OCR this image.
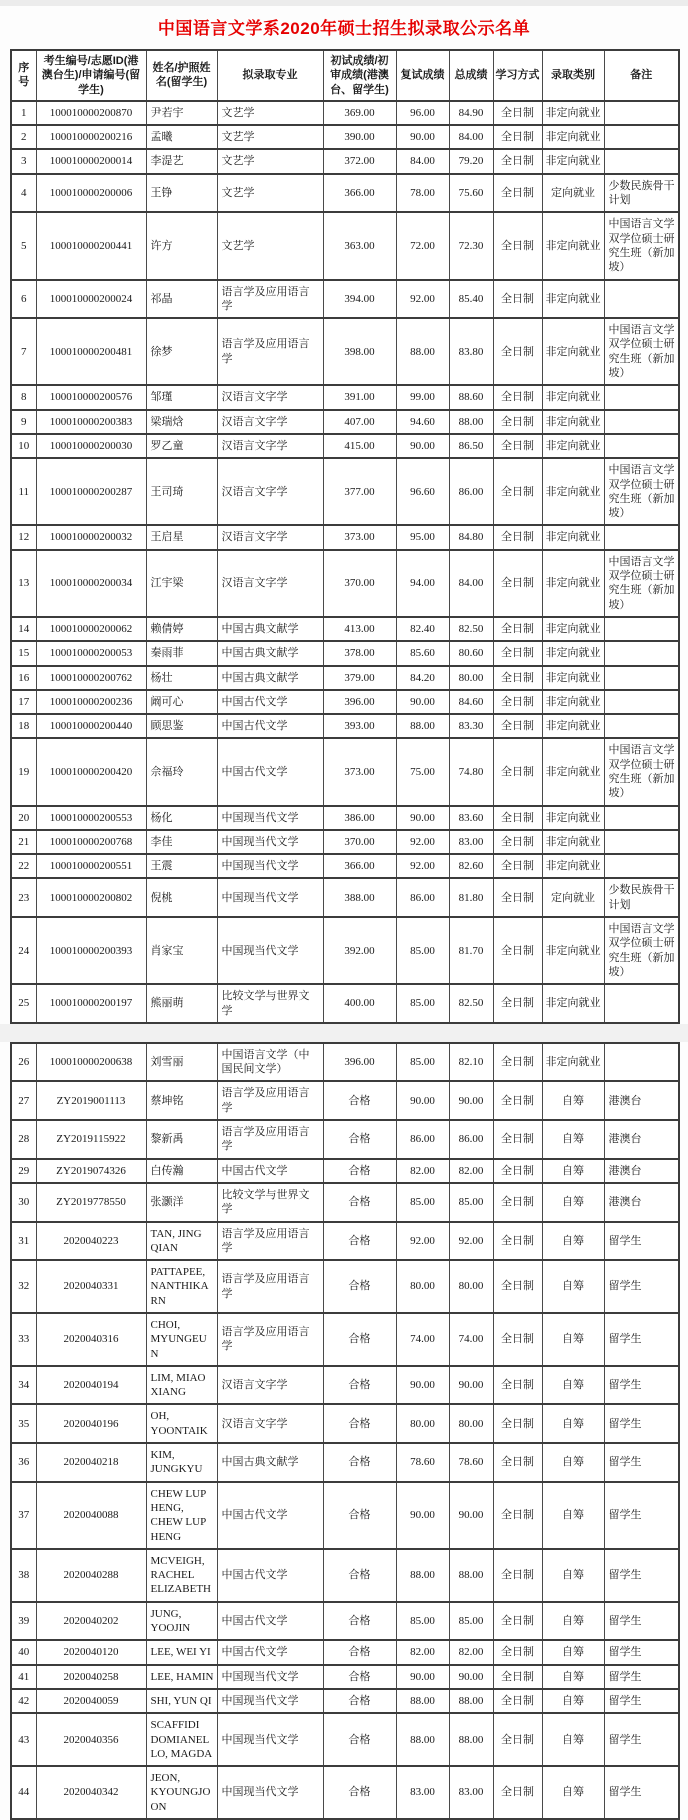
中国语言文学系2020年硕士招生拟录取公示名单
序号	考生编号/志愿ID(港澳台生)/申请编号(留学生)	姓名/护照姓名(留学生)	拟录取专业	初试成绩/初审成绩(港澳台、留学生)	复试成绩	总成绩	学习方式	录取类别	备注
1	100010000200870	尹若宇	文艺学	369.00	96.00	84.90	全日制	非定向就业	
2	100010000200216	孟曦	文艺学	390.00	90.00	84.00	全日制	非定向就业	
3	100010000200014	李湜艺	文艺学	372.00	84.00	79.20	全日制	非定向就业	
4	100010000200006	王铮	文艺学	366.00	78.00	75.60	全日制	定向就业	少数民族骨干计划
5	100010000200441	许方	文艺学	363.00	72.00	72.30	全日制	非定向就业	中国语言文学双学位硕士研究生班（新加坡）
6	100010000200024	祁晶	语言学及应用语言学	394.00	92.00	85.40	全日制	非定向就业	
7	100010000200481	徐梦	语言学及应用语言学	398.00	88.00	83.80	全日制	非定向就业	中国语言文学双学位硕士研究生班（新加坡）
8	100010000200576	邹瑾	汉语言文字学	391.00	99.00	88.60	全日制	非定向就业	
9	100010000200383	梁瑞焓	汉语言文字学	407.00	94.60	88.00	全日制	非定向就业	
10	100010000200030	罗乙童	汉语言文字学	415.00	90.00	86.50	全日制	非定向就业	
11	100010000200287	王司琦	汉语言文字学	377.00	96.60	86.00	全日制	非定向就业	中国语言文学双学位硕士研究生班（新加坡）
12	100010000200032	王启星	汉语言文字学	373.00	95.00	84.80	全日制	非定向就业	
13	100010000200034	江宇梁	汉语言文字学	370.00	94.00	84.00	全日制	非定向就业	中国语言文学双学位硕士研究生班（新加坡）
14	100010000200062	赖倩婷	中国古典文献学	413.00	82.40	82.50	全日制	非定向就业	
15	100010000200053	秦雨菲	中国古典文献学	378.00	85.60	80.60	全日制	非定向就业	
16	100010000200762	杨壮	中国古典文献学	379.00	84.20	80.00	全日制	非定向就业	
17	100010000200236	阚可心	中国古代文学	396.00	90.00	84.60	全日制	非定向就业	
18	100010000200440	顾思鉴	中国古代文学	393.00	88.00	83.30	全日制	非定向就业	
19	100010000200420	佘福玲	中国古代文学	373.00	75.00	74.80	全日制	非定向就业	中国语言文学双学位硕士研究生班（新加坡）
20	100010000200553	杨化	中国现当代文学	386.00	90.00	83.60	全日制	非定向就业	
21	100010000200768	李佳	中国现当代文学	370.00	92.00	83.00	全日制	非定向就业	
22	100010000200551	王震	中国现当代文学	366.00	92.00	82.60	全日制	非定向就业	
23	100010000200802	倪桃	中国现当代文学	388.00	86.00	81.80	全日制	定向就业	少数民族骨干计划
24	100010000200393	肖家宝	中国现当代文学	392.00	85.00	81.70	全日制	非定向就业	中国语言文学双学位硕士研究生班（新加坡）
25	100010000200197	熊丽萌	比较文学与世界文学	400.00	85.00	82.50	全日制	非定向就业	
26	100010000200638	刘雪丽	中国语言文学（中国民间文学）	396.00	85.00	82.10	全日制	非定向就业	
27	ZY2019001113	蔡坤铭	语言学及应用语言学	合格	90.00	90.00	全日制	自筹	港澳台
28	ZY2019115922	黎新禹	语言学及应用语言学	合格	86.00	86.00	全日制	自筹	港澳台
29	ZY2019074326	白传瀚	中国古代文学	合格	82.00	82.00	全日制	自筹	港澳台
30	ZY2019778550	张灏洋	比较文学与世界文学	合格	85.00	85.00	全日制	自筹	港澳台
31	2020040223	TAN, JING QIAN	语言学及应用语言学	合格	92.00	92.00	全日制	自筹	留学生
32	2020040331	PATTAPEE, NANTHIKARN	语言学及应用语言学	合格	80.00	80.00	全日制	自筹	留学生
33	2020040316	CHOI, MYUNGEUN	语言学及应用语言学	合格	74.00	74.00	全日制	自筹	留学生
34	2020040194	LIM, MIAO XIANG	汉语言文字学	合格	90.00	90.00	全日制	自筹	留学生
35	2020040196	OH, YOONTAIK	汉语言文字学	合格	80.00	80.00	全日制	自筹	留学生
36	2020040218	KIM, JUNGKYU	中国古典文献学	合格	78.60	78.60	全日制	自筹	留学生
37	2020040088	CHEW LUP HENG, CHEW LUP HENG	中国古代文学	合格	90.00	90.00	全日制	自筹	留学生
38	2020040288	MCVEIGH, RACHEL ELIZABETH	中国古代文学	合格	88.00	88.00	全日制	自筹	留学生
39	2020040202	JUNG, YOOJIN	中国古代文学	合格	85.00	85.00	全日制	自筹	留学生
40	2020040120	LEE, WEI YI	中国古代文学	合格	82.00	82.00	全日制	自筹	留学生
41	2020040258	LEE, HAMIN	中国现当代文学	合格	90.00	90.00	全日制	自筹	留学生
42	2020040059	SHI, YUN QI	中国现当代文学	合格	88.00	88.00	全日制	自筹	留学生
43	2020040356	SCAFFIDI DOMIANELLO, MAGDA	中国现当代文学	合格	88.00	88.00	全日制	自筹	留学生
44	2020040342	JEON, KYOUNGJOON	中国现当代文学	合格	83.00	83.00	全日制	自筹	留学生
